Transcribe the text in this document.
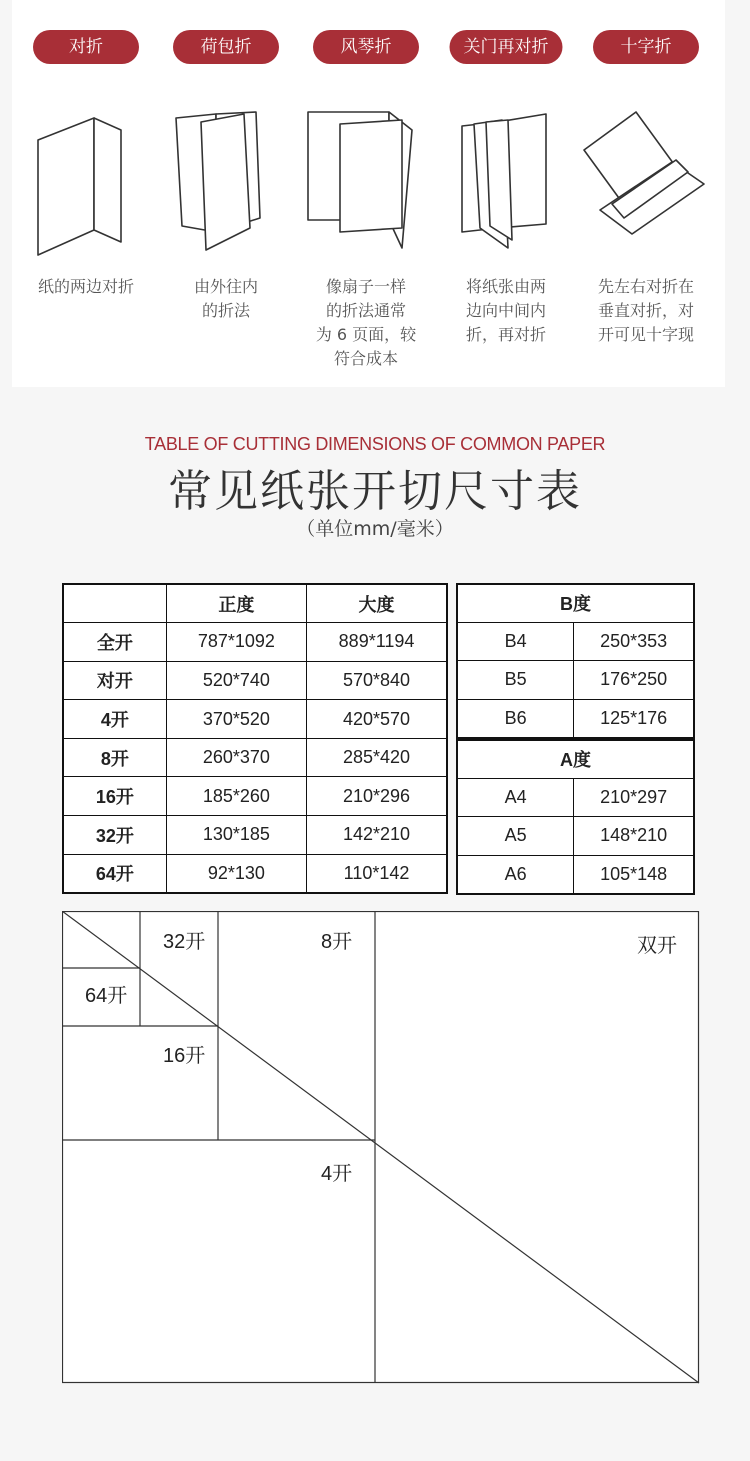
对折
纸的两边对折
荷包折
由外往内
的折法
风琴折
像扇子一样
的折法通常
为 6 页面，较
符合成本
关门再对折
将纸张由两
边向中间内
折，再对折
十字折
先左右对折在
垂直对折，对
开可见十字现
TABLE OF CUTTING DIMENSIONS OF COMMON PAPER
常见纸张开切尺寸表
（单位mm/毫米）
	正度	大度
全开	787*1092	889*1194
对开	520*740	570*840
4开	370*520	420*570
8开	260*370	285*420
16开	185*260	210*296
32开	130*185	142*210
64开	92*130	110*142
B度	
B4	250*353
B5	176*250
B6	125*176
A度	
A4	210*297
A5	148*210
A6	105*148
双开
4开
8开
16开
32开
64开
